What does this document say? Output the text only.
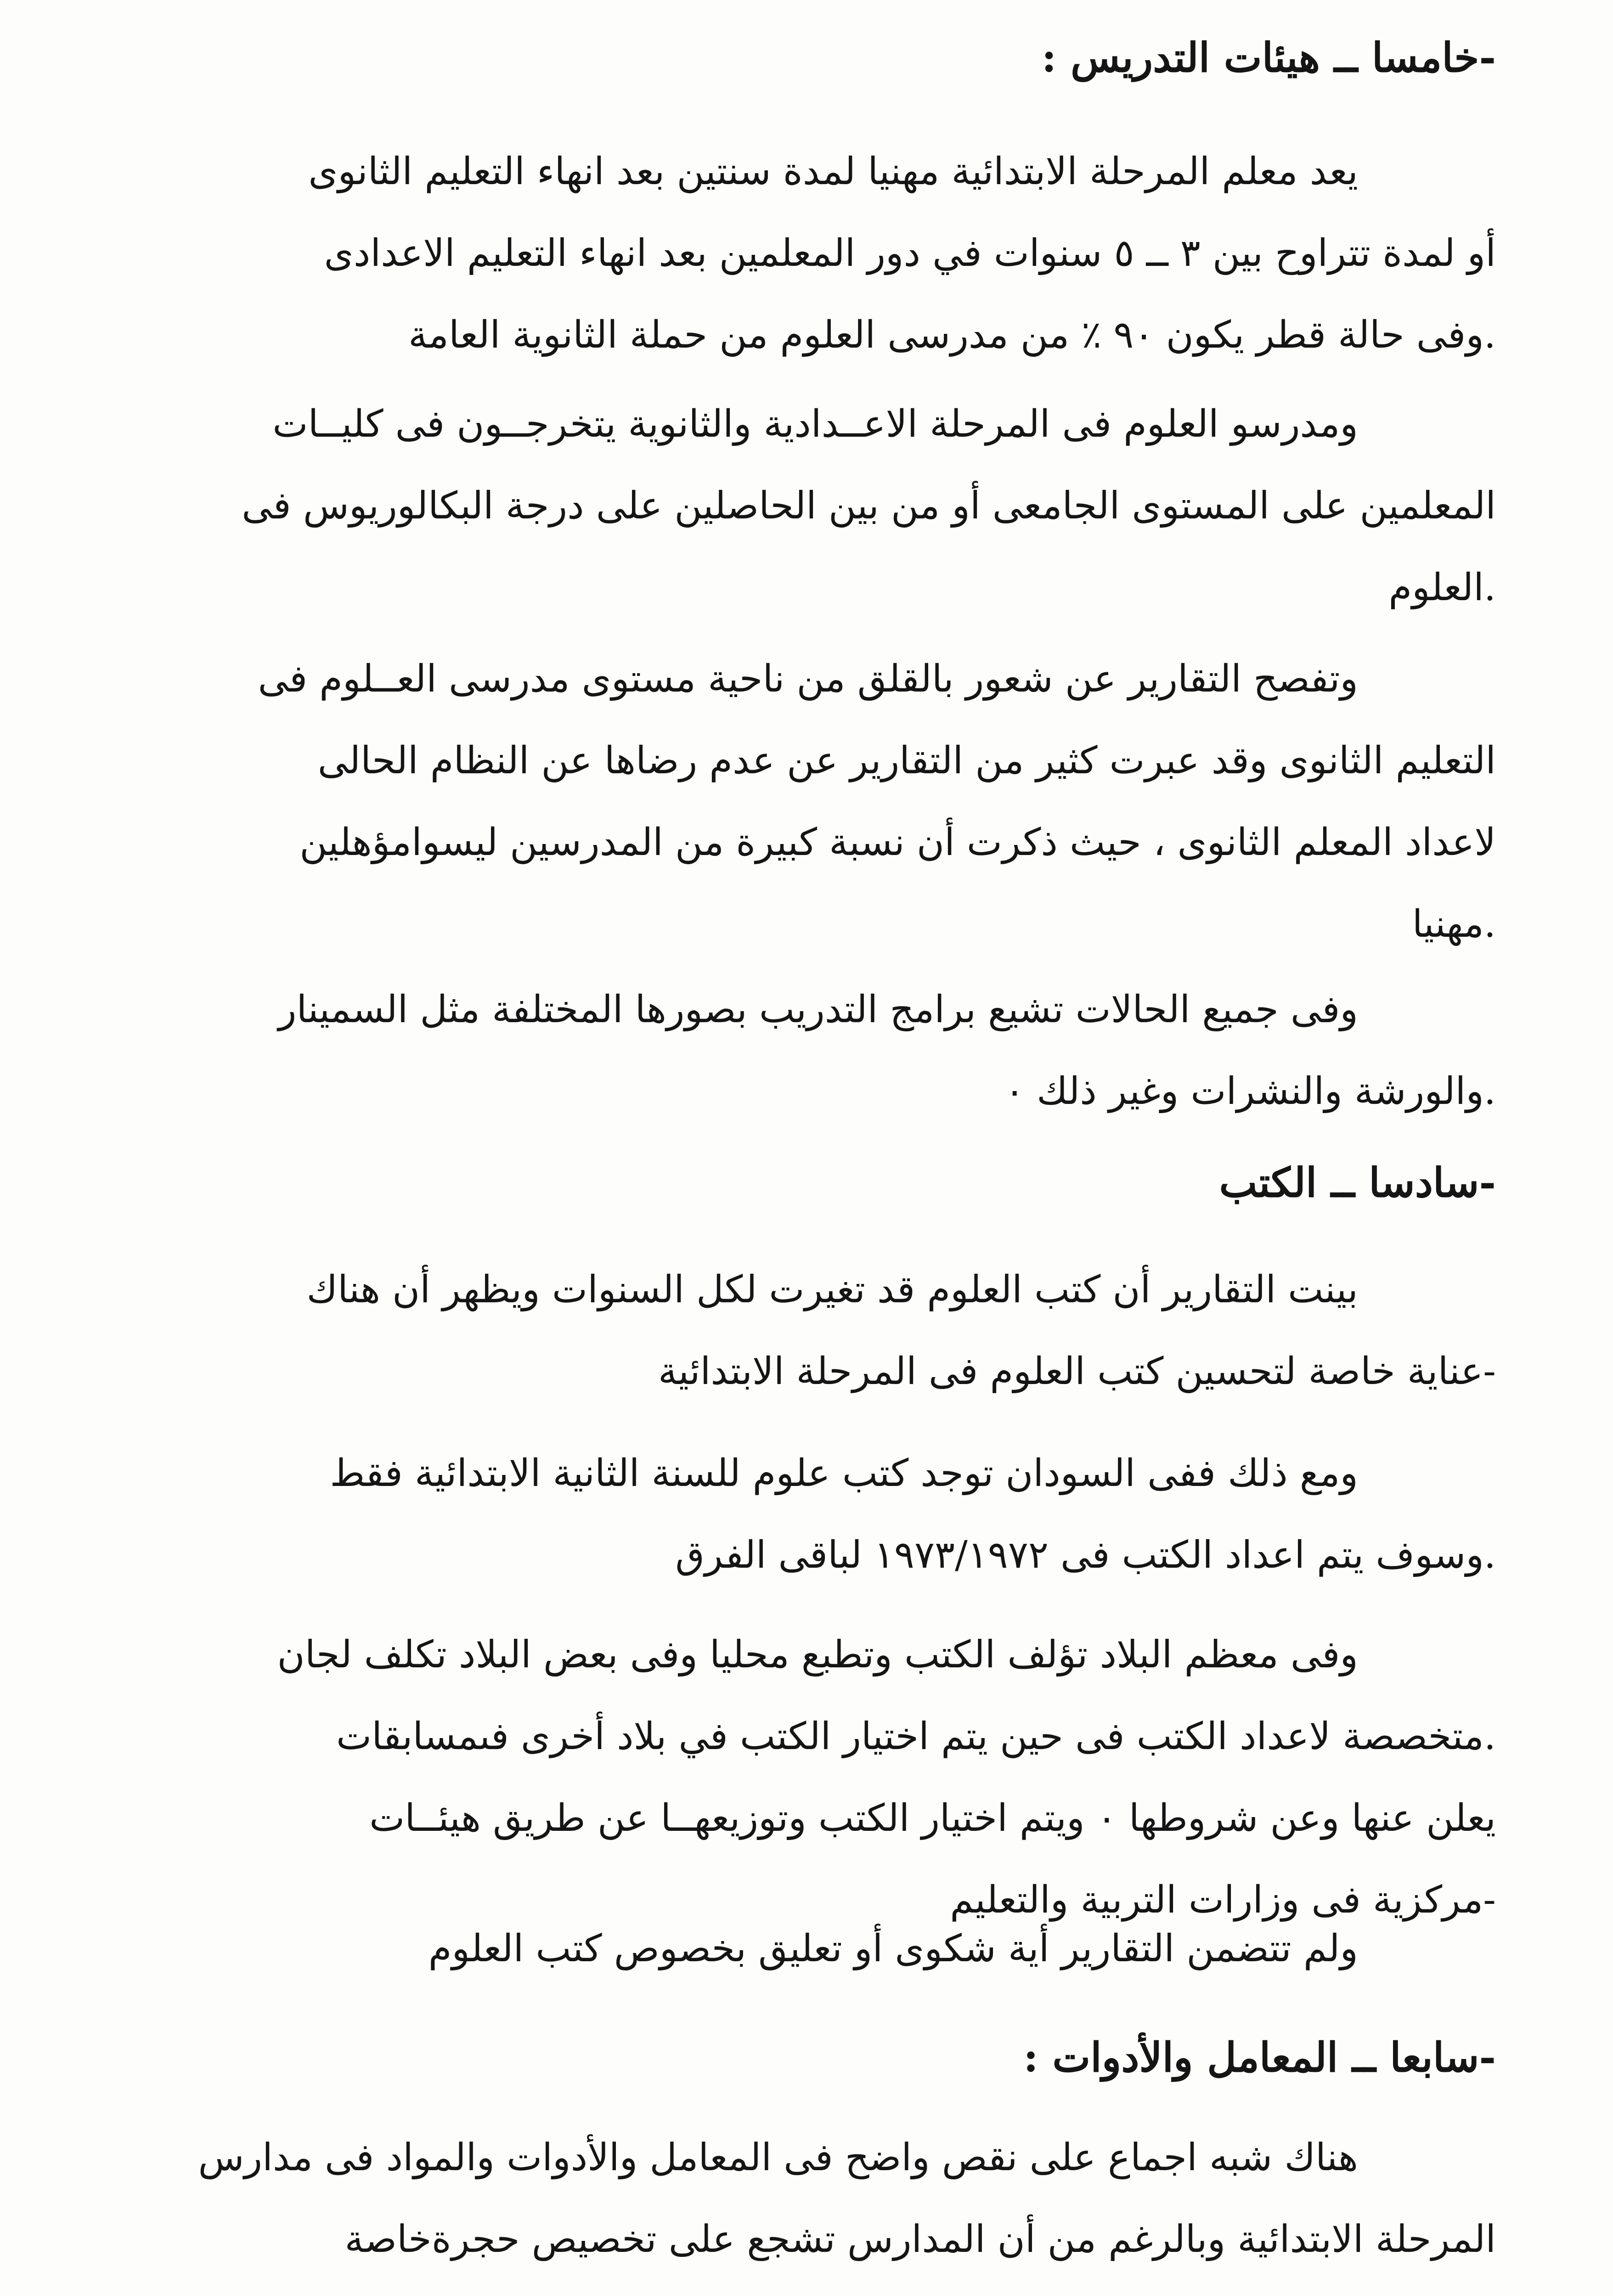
-خامسا ــ هيئات التدريس :
يعد معلم المرحلة الابتدائية مهنيا لمدة سنتين بعد انهاء التعليم الثانوى
أو لمدة تتراوح بين ٣ ــ ٥ سنوات في دور المعلمين بعد انهاء التعليم الاعدادى
.وفى حالة قطر يكون ٩٠ ٪ من مدرسى العلوم من حملة الثانوية العامة
ومدرسو العلوم فى المرحلة الاعــدادية والثانوية يتخرجــون فى كليــات
المعلمين على المستوى الجامعى أو من بين الحاصلين على درجة البكالوريوس فى
.العلوم
وتفصح التقارير عن شعور بالقلق من ناحية مستوى مدرسى العــلوم فى
التعليم الثانوى وقد عبرت كثير من التقارير عن عدم رضاها عن النظام الحالى
لاعداد المعلم الثانوى ، حيث ذكرت أن نسبة كبيرة من المدرسين ليسوامؤهلين
.مهنيا
وفى جميع الحالات تشيع برامج التدريب بصورها المختلفة مثل السمينار
.والورشة والنشرات وغير ذلك ٠
-سادسا ــ الكتب
بينت التقارير أن كتب العلوم قد تغيرت لكل السنوات ويظهر أن هناك
-عناية خاصة لتحسين كتب العلوم فى المرحلة الابتدائية
ومع ذلك ففى السودان توجد كتب علوم للسنة الثانية الابتدائية فقط
.وسوف يتم اعداد الكتب فى ١٩٧٣/١٩٧٢ لباقى الفرق
وفى معظم البلاد تؤلف الكتب وتطبع محليا وفى بعض البلاد تكلف لجان
.متخصصة لاعداد الكتب فى حين يتم اختيار الكتب في بلاد أخرى فىمسابقات
يعلن عنها وعن شروطها ٠ ويتم اختيار الكتب وتوزيعهــا عن طريق هيئــات
-مركزية فى وزارات التربية والتعليم
ولم تتضمن التقارير أية شكوى أو تعليق بخصوص كتب العلوم
-سابعا ــ المعامل والأدوات :
هناك شبه اجماع على نقص واضح فى المعامل والأدوات والمواد فى مدارس
المرحلة الابتدائية وبالرغم من أن المدارس تشجع على تخصيص حجرةخاصة
